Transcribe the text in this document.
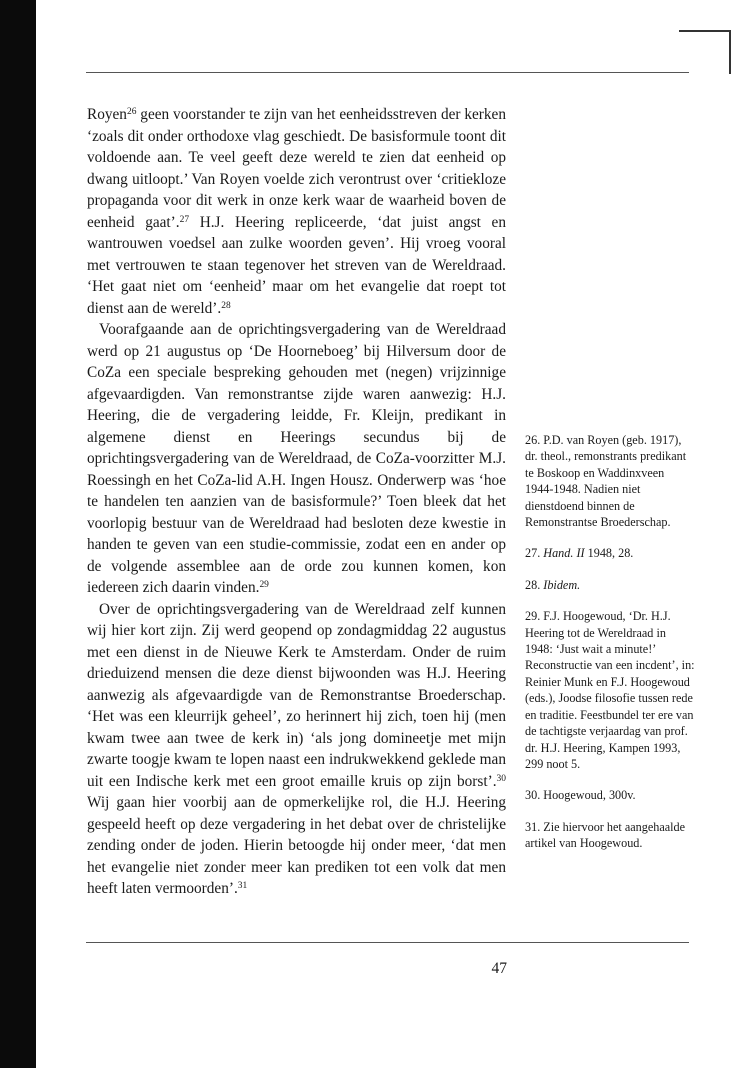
Royen$^{26}$ geen voorstander te zijn van het eenheidsstreven der kerken ‘zoals dit onder orthodoxe vlag geschiedt. De basisformule toont dit voldoende aan. Te veel geeft deze wereld te zien dat eenheid op dwang uitloopt.’ Van Royen voelde zich verontrust over ‘critiekloze propaganda voor dit werk in onze kerk waar de waarheid boven de eenheid gaat’.$^{27}$ H.J. Heering repliceerde, ‘dat juist angst en wantrouwen voedsel aan zulke woorden geven’. Hij vroeg vooral met vertrouwen te staan tegenover het streven van de Wereldraad. ‘Het gaat niet om ‘eenheid’ maar om het evangelie dat roept tot dienst aan de wereld’.$^{28}$

Voorafgaande aan de oprichtingsvergadering van de Wereldraad werd op 21 augustus op ‘De Hoorneboeg’ bij Hilversum door de CoZa een speciale bespreking gehouden met (negen) vrijzinnige afgevaardigden. Van remonstrantse zijde waren aanwezig: H.J. Heering, die de vergadering leidde, Fr. Kleijn, predikant in algemene dienst en Heerings secundus bij de oprichtingsvergadering van de Wereldraad, de CoZa-voorzitter M.J. Roessingh en het CoZa-lid A.H. Ingen Housz. Onderwerp was ‘hoe te handelen ten aanzien van de basisformule?’ Toen bleek dat het voorlopig bestuur van de Wereldraad had besloten deze kwestie in handen te geven van een studie-commissie, zodat een en ander op de volgende assemblee aan de orde zou kunnen komen, kon iedereen zich daarin vinden.$^{29}$

Over de oprichtingsvergadering van de Wereldraad zelf kunnen wij hier kort zijn. Zij werd geopend op zondagmiddag 22 augustus met een dienst in de Nieuwe Kerk te Amsterdam. Onder de ruim drieduizend mensen die deze dienst bijwoonden was H.J. Heering aanwezig als afgevaardigde van de Remonstrantse Broederschap. ‘Het was een kleurrijk geheel’, zo herinnert hij zich, toen hij (men kwam twee aan twee de kerk in) ‘als jong domineetje met mijn zwarte toogje kwam te lopen naast een indrukwekkend geklede man uit een Indische kerk met een groot emaille kruis op zijn borst’.$^{30}$ Wij gaan hier voorbij aan de opmerkelijke rol, die H.J. Heering gespeeld heeft op deze vergadering in het debat over de christelijke zending onder de joden. Hierin betoogde hij onder meer, ‘dat men het evangelie niet zonder meer kan prediken tot een volk dat men heeft laten vermoorden’.$^{31}$

26. P.D. van Royen (geb. 1917), dr. theol., remonstrants predikant te Boskoop en Waddinxveen 1944-1948. Nadien niet dienstdoend binnen de Remonstrantse Broederschap.
27. Hand. II 1948, 28.
28. Ibidem.
29. F.J. Hoogewoud, ‘Dr. H.J. Heering tot de Wereldraad in 1948: ‘Just wait a minute!’ Reconstructie van een incdent’, in: Reinier Munk en F.J. Hoogewoud (eds.), Joodse filosofie tussen rede en traditie. Feestbundel ter ere van de tachtigste verjaardag van prof. dr. H.J. Heering, Kampen 1993, 299 noot 5.
30. Hoogewoud, 300v.
31. Zie hiervoor het aangehaalde artikel van Hoogewoud.
47
